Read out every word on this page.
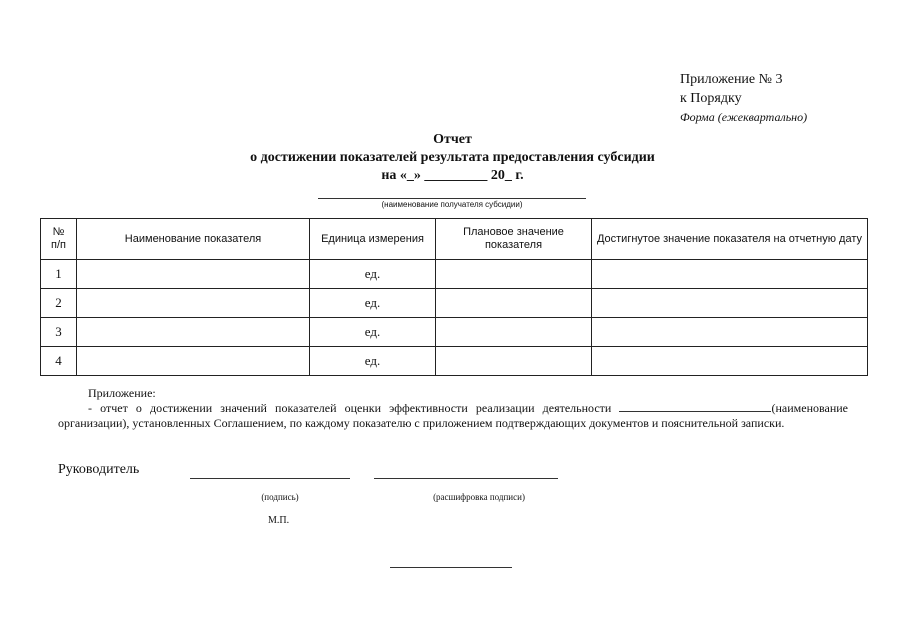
Приложение № 3
к Порядку
Форма (ежеквартально)
Отчет
о достижении показателей результата предоставления субсидии
на «_» _________ 20_ г.
(наименование получателя субсидии)
№
п/п	Наименование показателя	Единица измерения	Плановое значение показателя	Достигнутое значение показателя на отчетную дату
1		ед.		
2		ед.		
3		ед.		
4		ед.		
Приложение:
- отчет о достижении значений показателей оценки эффективности реализации деятельности	(наименование организации), установленных Соглашением, по каждому показателю с приложением подтверждающих документов и пояснительной записки.
Руководитель
(подпись)	(расшифровка подписи)
М.П.
